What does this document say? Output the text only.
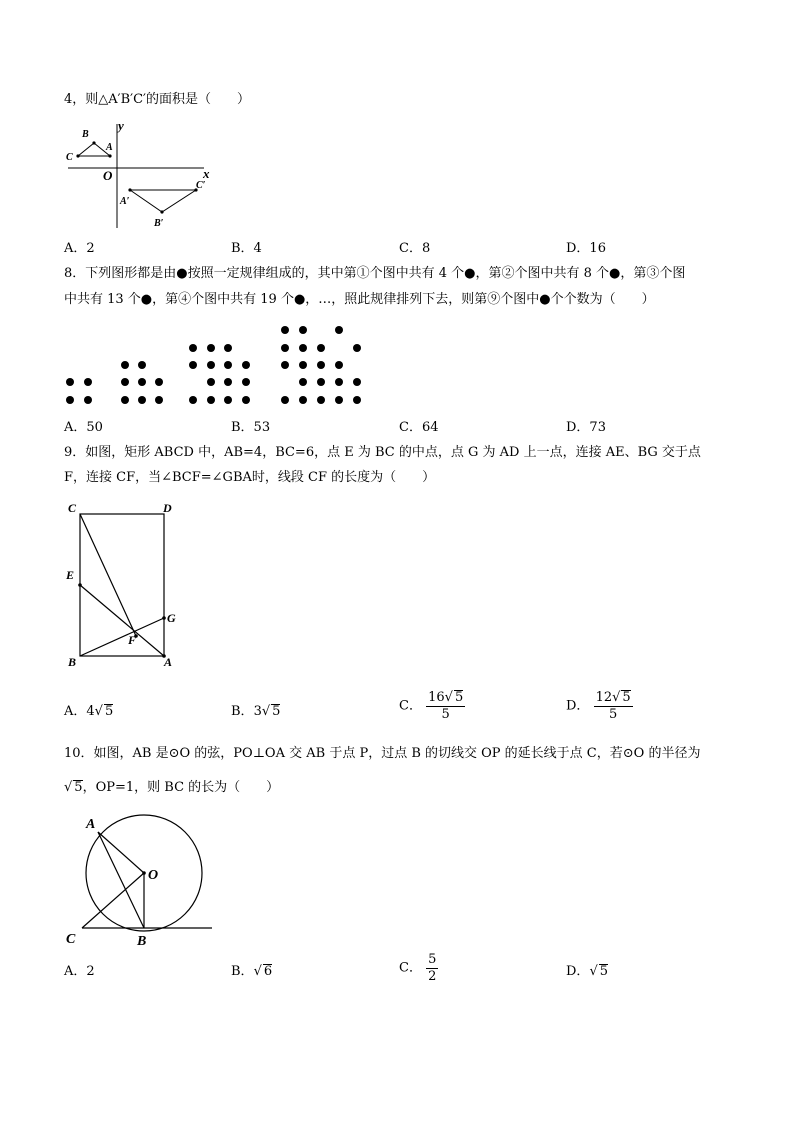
4，则△A′B′C′的面积是（　　）
y
x
O
C
B
A
A′
B′
C′
A．2	B．4	C．8	D．16
8．下列图形都是由●按照一定规律组成的，其中第①个图中共有 4 个●，第②个图中共有 8 个●，第③个图
中共有 13 个●，第④个图中共有 19 个●，…，照此规律排列下去，则第⑨个图中●个个数为（　　）
A．50	B．53	C．64	D．73
9．如图，矩形 ABCD 中，AB=4，BC=6，点 E 为 BC 的中点，点 G 为 AD 上一点，连接 AE、BG 交于点
F，连接 CF，当∠BCF=∠GBA时，线段 CF 的长度为（　　）
C	D
E
G
F
B	A
A．4√ 5	B．3√ 5	C． $\frac{16√ 5}{5}$	D． $\frac{12√ 5}{5}$
10．如图，AB 是⊙O 的弦，PO⊥OA 交 AB 于点 P，过点 B 的切线交 OP 的延长线于点 C，若⊙O 的半径为
√ 5，OP=1，则 BC 的长为（　　）
A
O
C	B
A．2	B．√ 6	C． $\frac{5}{2}$	D．√ 5
